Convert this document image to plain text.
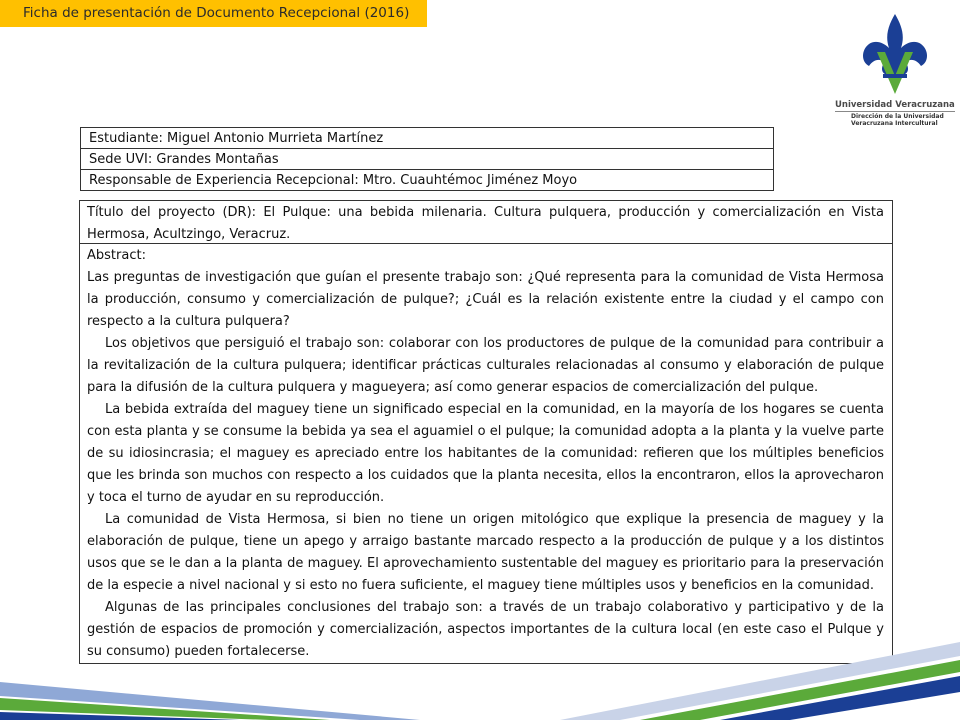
Ficha de presentación de Documento Recepcional (2016)
Universidad Veracruzana
Dirección de la Universidad
Veracruzana Intercultural
Estudiante: Miguel Antonio Murrieta Martínez
Sede UVI: Grandes Montañas
Responsable de Experiencia Recepcional: Mtro. Cuauhtémoc Jiménez Moyo
Título del proyecto (DR): El Pulque: una bebida milenaria. Cultura pulquera, producción y comercialización en Vista Hermosa, Acultzingo, Veracruz.

Abstract:

Las preguntas de investigación que guían el presente trabajo son: ¿Qué representa para la comunidad de Vista Hermosa la producción, consumo y comercialización de pulque?; ¿Cuál es la relación existente entre la ciudad y el campo con respecto a la cultura pulquera?

Los objetivos que persiguió el trabajo son: colaborar con los productores de pulque de la comunidad para contribuir a la revitalización de la cultura pulquera; identificar prácticas culturales relacionadas al consumo y elaboración de pulque para la difusión de la cultura pulquera y magueyera; así como generar espacios de comercialización del pulque.

La bebida extraída del maguey tiene un significado especial en la comunidad, en la mayoría de los hogares se cuenta con esta planta y se consume la bebida ya sea el aguamiel o el pulque; la comunidad adopta a la planta y la vuelve parte de su idiosincrasia; el maguey es apreciado entre los habitantes de la comunidad: refieren que los múltiples beneficios que les brinda son muchos con respecto a los cuidados que la planta necesita, ellos la encontraron, ellos la aprovecharon y toca el turno de ayudar en su reproducción.

La comunidad de Vista Hermosa, si bien no tiene un origen mitológico que explique la presencia de maguey y la elaboración de pulque, tiene un apego y arraigo bastante marcado respecto a la producción de pulque y a los distintos usos que se le dan a la planta de maguey. El aprovechamiento sustentable del maguey es prioritario para la preservación de la especie a nivel nacional y si esto no fuera suficiente, el maguey tiene múltiples usos y beneficios en la comunidad.

Algunas de las principales conclusiones del trabajo son: a través de un trabajo colaborativo y participativo y de la gestión de espacios de promoción y comercialización, aspectos importantes de la cultura local (en este caso el Pulque y su consumo) pueden fortalecerse.
